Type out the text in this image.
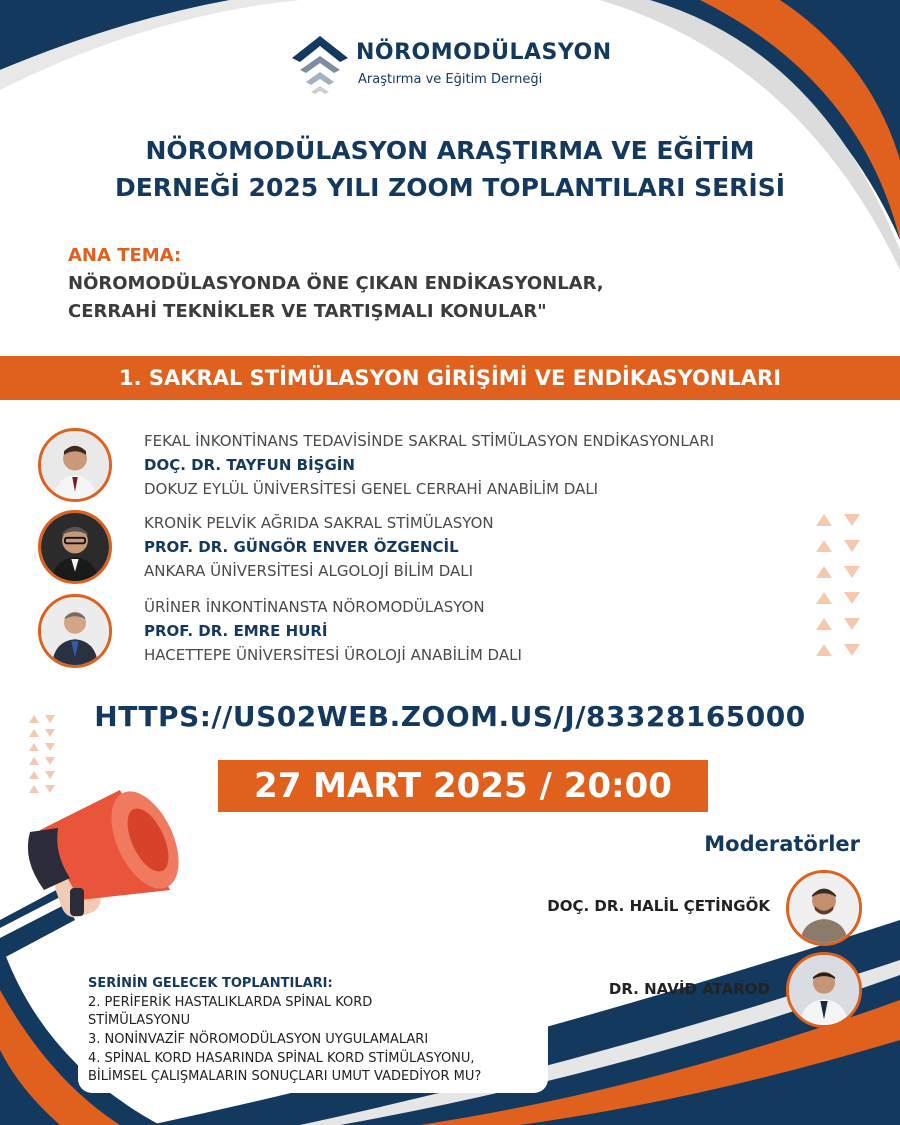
NÖROMODÜLASYON
Araştırma ve Eğitim Derneği
NÖROMODÜLASYON ARAŞTIRMA VE EĞİTİM
DERNEĞİ 2025 YILI ZOOM TOPLANTILARI SERİSİ
ANA TEMA:
NÖROMODÜLASYONDA ÖNE ÇIKAN ENDİKASYONLAR,
CERRAHİ TEKNİKLER VE TARTIŞMALI KONULAR"
1. SAKRAL STİMÜLASYON GİRİŞİMİ VE ENDİKASYONLARI
FEKAL İNKONTİNANS TEDAVİSİNDE SAKRAL STİMÜLASYON ENDİKASYONLARI
DOÇ. DR. TAYFUN BİŞGİN
DOKUZ EYLÜL ÜNİVERSİTESİ GENEL CERRAHİ ANABİLİM DALI
KRONİK PELVİK AĞRIDA SAKRAL STİMÜLASYON
PROF. DR. GÜNGÖR ENVER ÖZGENCİL
ANKARA ÜNİVERSİTESİ ALGOLOJİ BİLİM DALI
ÜRİNER İNKONTİNANSTA NÖROMODÜLASYON
PROF. DR. EMRE HURİ
HACETTEPE ÜNİVERSİTESİ ÜROLOJİ ANABİLİM DALI
HTTPS://US02WEB.ZOOM.US/J/83328165000
27 MART 2025 / 20:00
Moderatörler
DOÇ. DR. HALİL ÇETİNGÖK
DR. NAVİD ATAROD
SERİNİN GELECEK TOPLANTILARI:
2. PERİFERİK HASTALIKLARDA SPİNAL KORD
STİMÜLASYONU
3. NONİNVAZİF NÖROMODÜLASYON UYGULAMALARI
4. SPİNAL KORD HASARINDA SPİNAL KORD STİMÜLASYONU,
BİLİMSEL ÇALIŞMALARIN SONUÇLARI UMUT VADEDİYOR MU?
